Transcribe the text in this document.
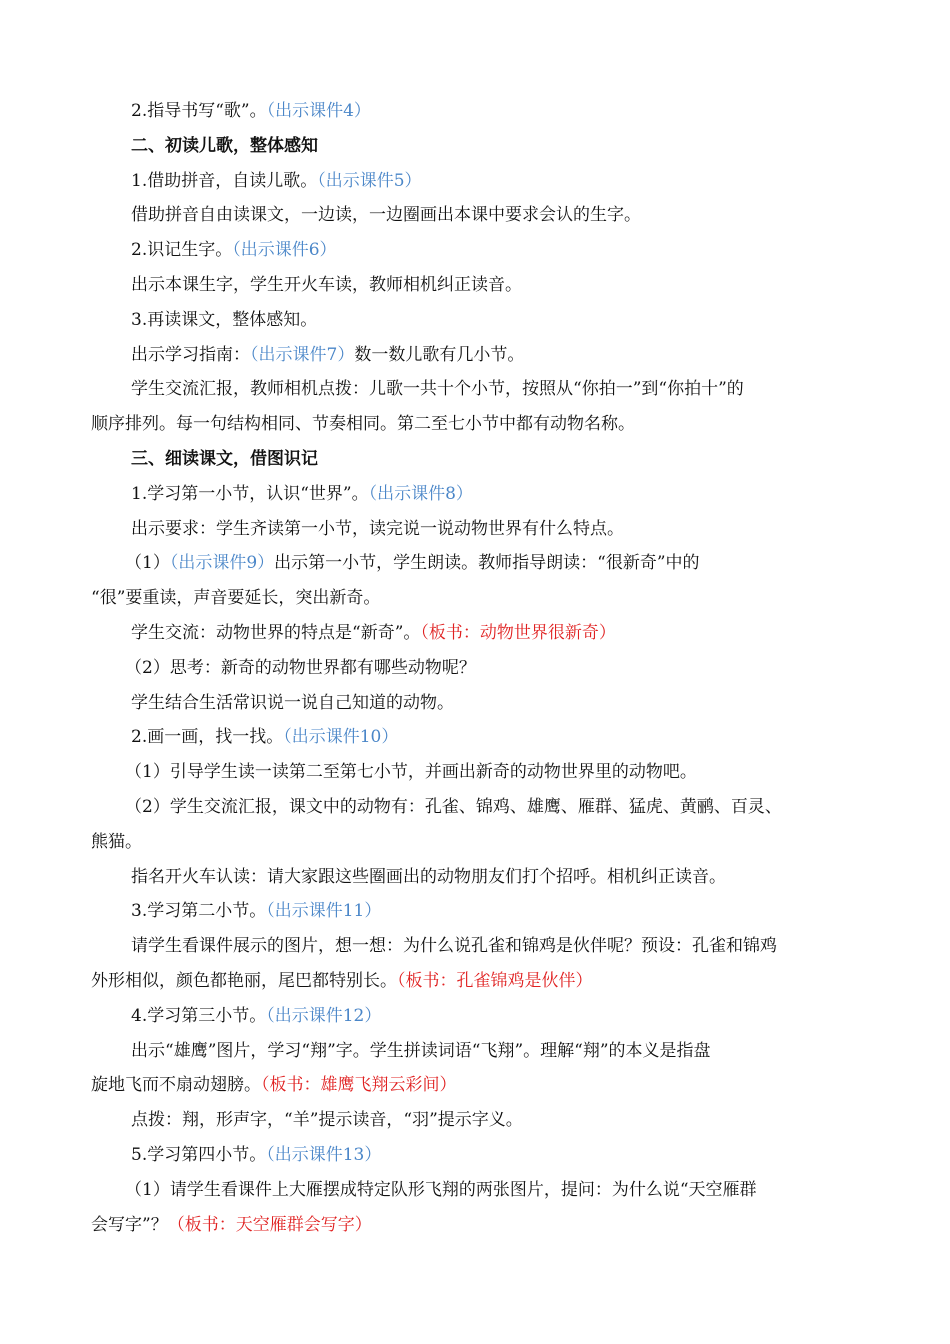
2.指导书写“歌”。（出示课件4）
二、初读儿歌，整体感知
1.借助拼音，自读儿歌。（出示课件5）
借助拼音自由读课文，一边读，一边圈画出本课中要求会认的生字。
2.识记生字。（出示课件6）
出示本课生字，学生开火车读，教师相机纠正读音。
3.再读课文，整体感知。
出示学习指南：（出示课件7）数一数儿歌有几小节。
学生交流汇报，教师相机点拨：儿歌一共十个小节，按照从“你拍一”到“你拍十”的
顺序排列。每一句结构相同、节奏相同。第二至七小节中都有动物名称。
三、细读课文，借图识记
1.学习第一小节，认识“世界”。（出示课件8）
出示要求：学生齐读第一小节，读完说一说动物世界有什么特点。
（1）（出示课件9）出示第一小节，学生朗读。教师指导朗读：“很新奇”中的
“很”要重读，声音要延长，突出新奇。
学生交流：动物世界的特点是“新奇”。（板书：动物世界很新奇）
（2）思考：新奇的动物世界都有哪些动物呢？
学生结合生活常识说一说自己知道的动物。
2.画一画，找一找。（出示课件10）
（1）引导学生读一读第二至第七小节，并画出新奇的动物世界里的动物吧。
（2）学生交流汇报，课文中的动物有：孔雀、锦鸡、雄鹰、雁群、猛虎、黄鹂、百灵、
熊猫。
指名开火车认读：请大家跟这些圈画出的动物朋友们打个招呼。相机纠正读音。
3.学习第二小节。（出示课件11）
请学生看课件展示的图片，想一想：为什么说孔雀和锦鸡是伙伴呢？预设：孔雀和锦鸡
外形相似，颜色都艳丽，尾巴都特别长。（板书：孔雀锦鸡是伙伴）
4.学习第三小节。（出示课件12）
出示“雄鹰”图片，学习“翔”字。学生拼读词语“飞翔”。理解“翔”的本义是指盘
旋地飞而不扇动翅膀。（板书：雄鹰飞翔云彩间）
点拨：翔，形声字，“羊”提示读音，“羽”提示字义。
5.学习第四小节。（出示课件13）
（1）请学生看课件上大雁摆成特定队形飞翔的两张图片，提问：为什么说“天空雁群
会写字”？（板书：天空雁群会写字）
